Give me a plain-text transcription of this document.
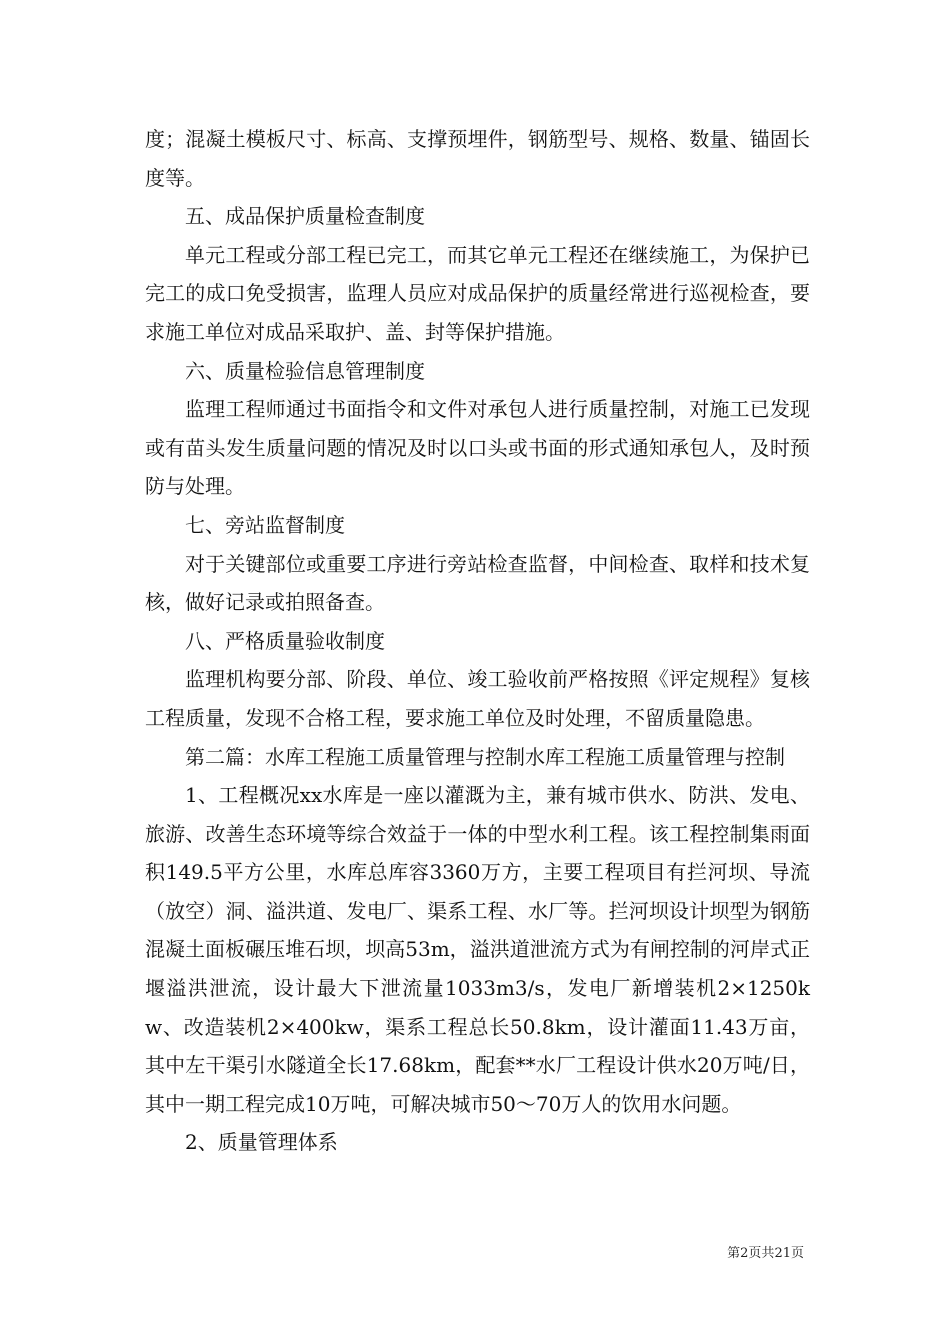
度；混凝土模板尺寸、标高、支撑预埋件，钢筋型号、规格、数量、锚固长度等。

五、成品保护质量检查制度

单元工程或分部工程已完工，而其它单元工程还在继续施工，为保护已完工的成口免受损害，监理人员应对成品保护的质量经常进行巡视检查，要求施工单位对成品采取护、盖、封等保护措施。

六、质量检验信息管理制度

监理工程师通过书面指令和文件对承包人进行质量控制，对施工已发现或有苗头发生质量问题的情况及时以口头或书面的形式通知承包人，及时预防与处理。

七、旁站监督制度

对于关键部位或重要工序进行旁站检查监督，中间检查、取样和技术复核，做好记录或拍照备查。

八、严格质量验收制度

监理机构要分部、阶段、单位、竣工验收前严格按照《评定规程》复核工程质量，发现不合格工程，要求施工单位及时处理，不留质量隐患。

第二篇：水库工程施工质量管理与控制水库工程施工质量管理与控制

1、工程概况xx水库是一座以灌溉为主，兼有城市供水、防洪、发电、旅游、改善生态环境等综合效益于一体的中型水利工程。该工程控制集雨面积149.5平方公里，水库总库容3360万方，主要工程项目有拦河坝、导流（放空）洞、溢洪道、发电厂、渠系工程、水厂等。拦河坝设计坝型为钢筋混凝土面板碾压堆石坝，坝高53m，溢洪道泄流方式为有闸控制的河岸式正堰溢洪泄流，设计最大下泄流量1033m3/s，发电厂新增装机2×1250kw、改造装机2×400kw，渠系工程总长50.8km，设计灌面11.43万亩，其中左干渠引水隧道全长17.68km，配套**水厂工程设计供水20万吨/日，其中一期工程完成10万吨，可解决城市50～70万人的饮用水问题。

2、质量管理体系

第2页共21页
